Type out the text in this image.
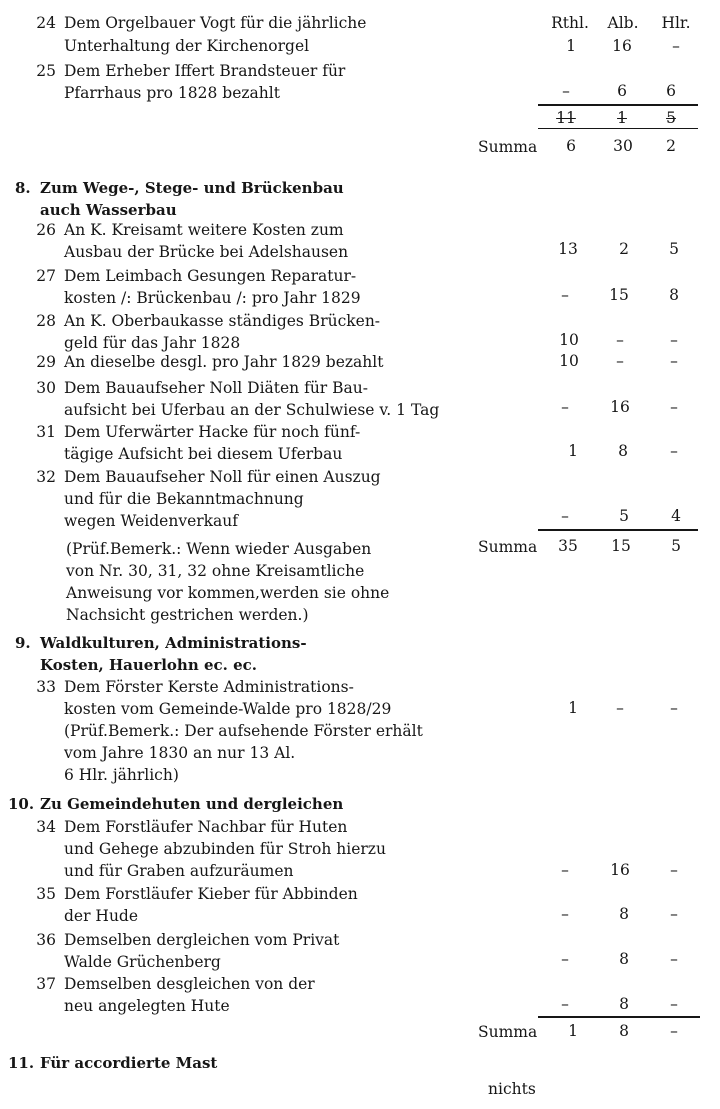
Rthl.	Alb.	Hlr.
24 Dem Orgelbauer Vogt für die jährliche
Unterhaltung der Kirchenorgel	1	16	–
25 Dem Erheber Iffert Brandsteuer für
Pfarrhaus pro 1828 bezahlt	–	6	6
11	1	5
Summa	6	30	2
8. Zum Wege-, Stege- und Brückenbau
auch Wasserbau
26 An K. Kreisamt weitere Kosten zum
Ausbau der Brücke bei Adelshausen	13	2	5
27 Dem Leimbach Gesungen Reparatur-
kosten /: Brückenbau /: pro Jahr 1829	–	15	8
28 An K. Oberbaukasse ständiges Brücken-
geld für das Jahr 1828	10	–	–
29 An dieselbe desgl. pro Jahr 1829 bezahlt	10	–	–
30 Dem Bauaufseher Noll Diäten für Bau-
aufsicht bei Uferbau an der Schulwiese v. 1 Tag	–	16	–
31 Dem Uferwärter Hacke für noch fünf-
tägige Aufsicht bei diesem Uferbau	1	8	–
32 Dem Bauaufseher Noll für einen Auszug
und für die Bekanntmachnung
wegen Weidenverkauf	–	5	4
(Prüf.Bemerk.: Wenn wieder Ausgaben
von Nr. 30, 31, 32 ohne Kreisamtliche
Anweisung vor kommen,werden sie ohne
Nachsicht gestrichen werden.)
Summa	35	15	5
9. Waldkulturen, Administrations-
Kosten, Hauerlohn ec. ec.
33 Dem Förster Kerste Administrations-
kosten vom Gemeinde-Walde pro 1828/29
(Prüf.Bemerk.: Der aufsehende Förster erhält
vom Jahre 1830 an nur 13 Al.
6 Hlr. jährlich)
1	–	–
10. Zu Gemeindehuten und dergleichen
34 Dem Forstläufer Nachbar für Huten
und Gehege abzubinden für Stroh hierzu
und für Graben aufzuräumen	–	16	–
35 Dem Forstläufer Kieber für Abbinden
der Hude	–	8	–
36 Demselben dergleichen vom Privat
Walde Grüchenberg	–	8	–
37 Demselben desgleichen von der
neu angelegten Hute	–	8	–
Summa	1	8	–
11. Für accordierte Mast
nichts
